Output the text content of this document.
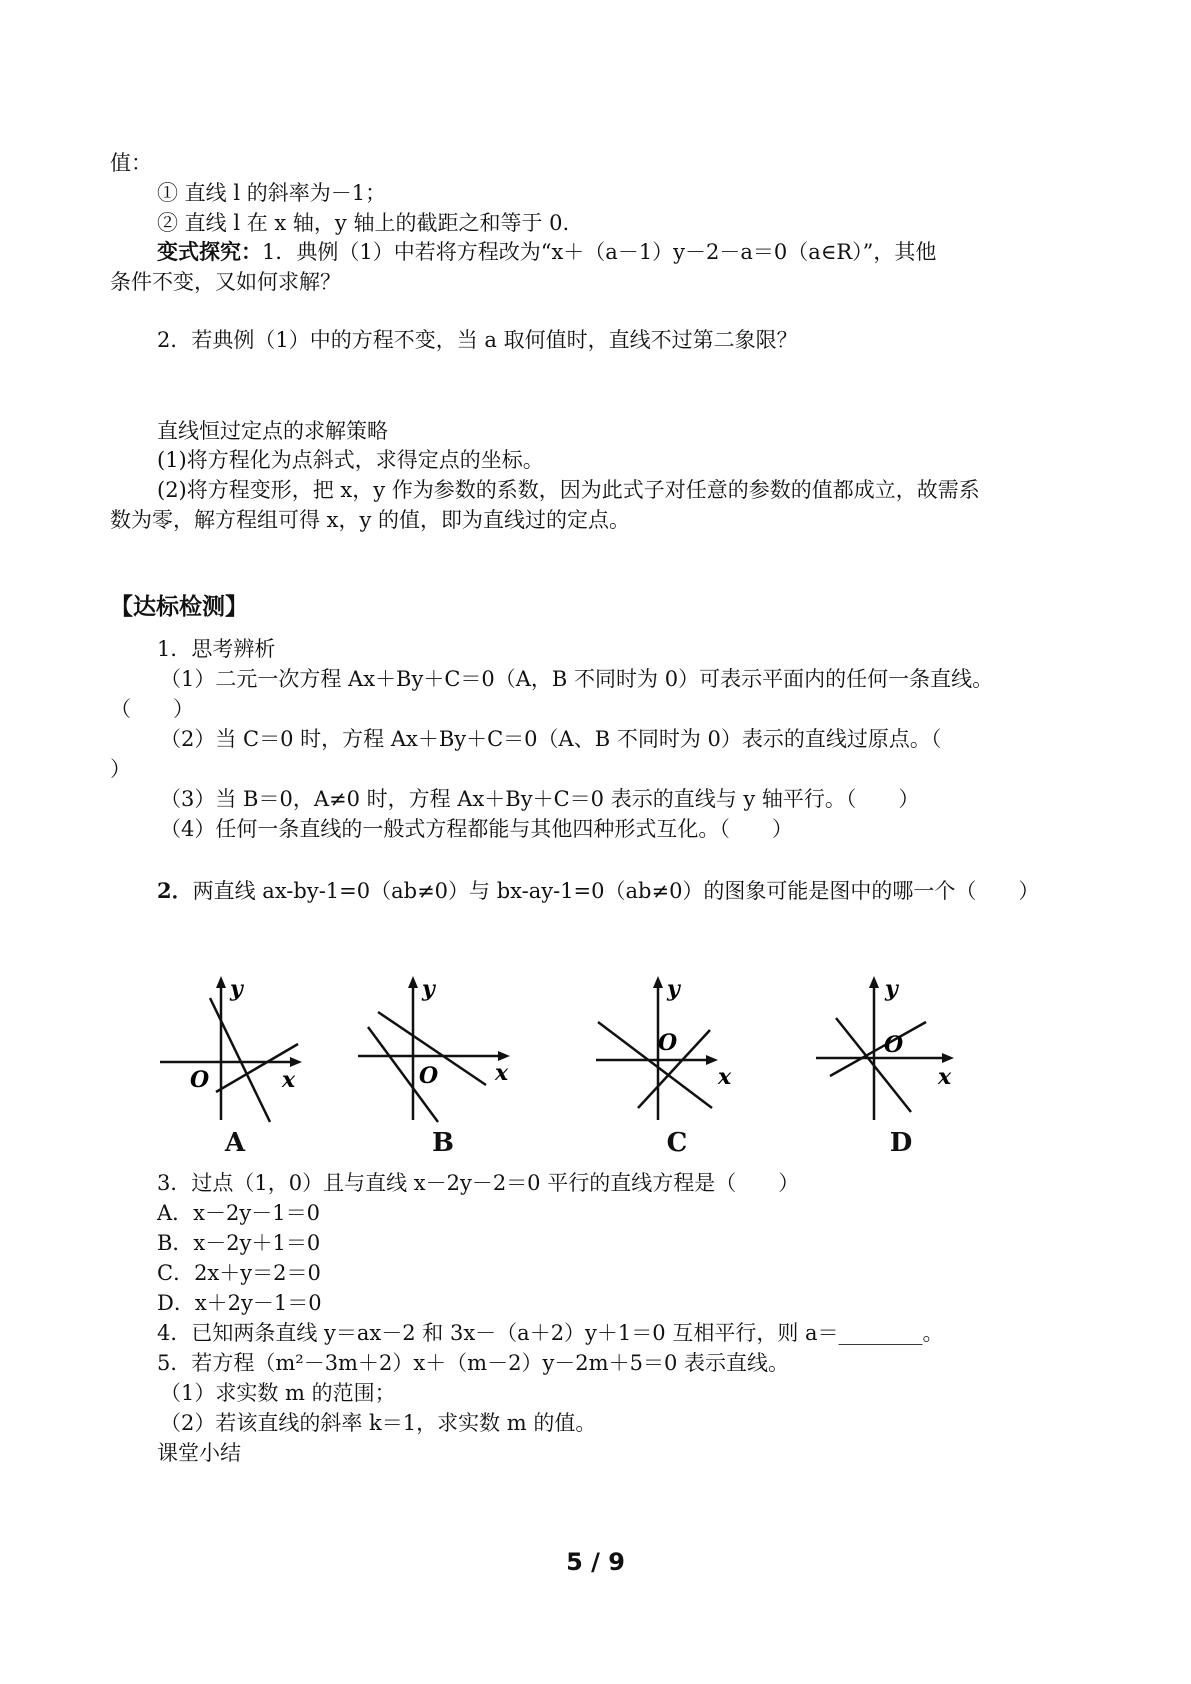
值：
① 直线 l 的斜率为－1；
② 直线 l 在 x 轴，y 轴上的截距之和等于 0.
变式探究：1．典例（1）中若将方程改为“x＋（a－1）y－2－a＝0（a∈R）”，其他
条件不变，又如何求解？
2．若典例（1）中的方程不变，当 a 取何值时，直线不过第二象限？
直线恒过定点的求解策略
(1)将方程化为点斜式，求得定点的坐标。
(2)将方程变形，把 x，y 作为参数的系数，因为此式子对任意的参数的值都成立，故需系
数为零，解方程组可得 x，y 的值，即为直线过的定点。
【达标检测】
1．思考辨析
（1）二元一次方程 Ax＋By＋C＝0（A，B 不同时为 0）可表示平面内的任何一条直线。
（　　）
（2）当 C＝0 时，方程 Ax＋By＋C＝0（A、B 不同时为 0）表示的直线过原点。（
）
（3）当 B＝0，A≠0 时，方程 Ax＋By＋C＝0 表示的直线与 y 轴平行。（　　）
（4）任何一条直线的一般式方程都能与其他四种形式互化。（　　）
2．两直线 ax-by-1=0（ab≠0）与 bx-ay-1=0（ab≠0）的图象可能是图中的哪一个（　　）
y
x
O
A
y
x
O
B
y
x
O
C
y
x
O
D
3．过点（1，0）且与直线 x－2y－2＝0 平行的直线方程是（　　）
A．x－2y－1＝0
B．x－2y＋1＝0
C．2x＋y＝2＝0
D．x＋2y－1＝0
4．已知两条直线 y＝ax－2 和 3x－（a＋2）y＋1＝0 互相平行，则 a＝________。
5．若方程（m²－3m＋2）x＋（m－2）y－2m＋5＝0 表示直线。
（1）求实数 m 的范围；
（2）若该直线的斜率 k＝1，求实数 m 的值。
课堂小结
5 / 9
